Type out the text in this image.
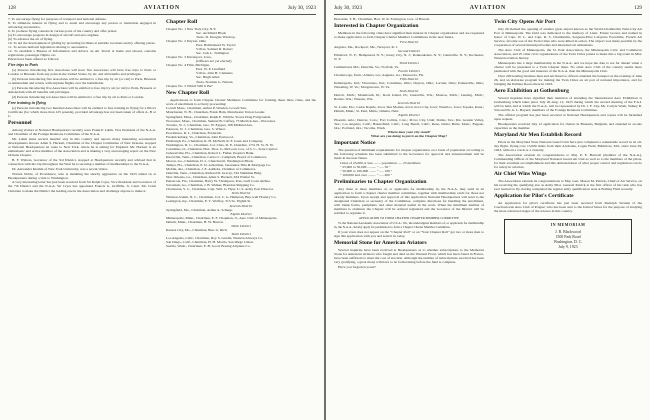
128	AVIATION	July 30, 1923
7. To encourage flying for purposes of transport and national defense.
8. To stimulate interest in flying and to assist and encourage any person or institution engaged in advancing aeronautics.
9. To promote flying contests in various parts of the country and offer prizes:
(a) To encourage progress in design of aircraft and aero engines.
(b) To advance the art of flying.
10. To aid the development of gliding by providing facilities at suitable locations and by offering prizes.
11. To secure uniform legislation relating to aeronautics.
12. To establish a Bureau of Information and Advice on Air Travel at home and abroad, customs regulations, passenger flights, etc.

Prizes have been offered as follows:

Five trips to Paris

(a) Persons introducing five Associates will have five Associates will have free trips to Paris or London or Brussels from any point in the United States, by air, and all benefits and privileges.

(b) Persons introducing five Associates will be entitled to a free trip by air (or rail) to Paris, Brussels or Amsterdam and return, with airplane flights over the battlefields.

(c) Persons introducing five Associates will be entitled to free trip by air (or rail) to Paris, Brussels or Amsterdam with all benefits and privileges.

(d) Persons introducing ten Associates will be entitled to a free trip by air to Paris or London.

Free training in flying

(e) Persons introducing two hundred Associates will be entitled to free training in flying for a Pilot's Certificate (for which more than 125 pounds), provided advantage has not been taken of offers A, B or C.

Personnel

Among visitors at National Headquarters recently were Frank P. Lahm, Vice President of the N.A.A. and Chairman of the Foreign Relations Committee of the N.A.A.

Mr. Lahm plans several months' stay in this country and reports many interesting aeronautical developments abroad. Allen S. Hackett, Chairman of the Chapter Committee of New Orleans, stopped at National Headquarters en route to New York, where he is sailing for England. Mr. Hackett is an enthusiastic and active member of the Association and is making a very encouraging report on the New Orleans Chapter.

B. F. Walters, Governor of the 3rd District, stopped at Headquarters recently and advised that in connection with his trip throughout the West he is securing a number of memberships to the N.A.A.

Dr. Alexander Klemin of New York University, was a recent visitor.

Warren Noble, of Providence, who is installing the shortly aggressive on the 1923 added on at Headquarters during a visit to Washington.

A very interesting letter has just been received from Sir Ralph Cryer, Vice President and Governor of the 7th District and the N.A.A. Sir Cryer has appointed Francis G. Griffiths, Jr. Lieut. Mr. Cram Christian to make the District the leading one in the Association and challenge anyone to make it.

Chapter Roll
Chapter No. 1 New York City, N.Y.
Sec. Archibald Black
Treas. D. Douglas Wardrop.
Chapter No. 2 Dayton, Ohio
Pres. Hollinshead W. Taylor
V-Pres. Samuel R. Robert
Sec. Jack L. Tullington
Chapter No. 3 Davenport, Iowa,
(Officers not yet elected)
Chapter No. 4 Flint, Michigan,
Pres. W. P. Lindfield
V-Pres. John H. Clements
Sec. Hugh Allen
Treas. Norman G. Nelson.
Chapter No. 5 Which Will It Be?
New Chapter Roll

Applications to form Chapter Charter Members Committee for forming these three cities, and the work of enrollment is actively proceeding:

Lowell Mass., Chairman, Arthur P. Weeden, Lowell Sun.
Manchester, N. H., Chairman, Frank Ham, Manchester Union Leader.
Springfield, Mass., Chairman, Ralph E. Whittle, Stores Drug Fairgrounds.
Worcester, Mass., Chairman, Samuel B. Caffrey, 73 Merrick Ave., Worcester.
Toronto, N. J., Chairman, Geo. W. Eypper, 168 Midland Ave.
Paterson, N. J., Chairman, Geo. S. Wheat.
Providence, R. I., Chairman, Frederick.
Fredericksburg, Va., Chairman, John Eastwood.
Pittsburgh, Pa., Chairman, R. H. McNeill, R. F. Jones and Company.
Washington, D. C., Chairman, Col. Chas. D. E. Chandler, 1751 H. St. N. W.
Columbus, O., Chairman, Hon. Thos. G. McLeod, Gov. of S. C., State Capitol.
Jacksonville, Fla., Chairman, Robert L. Fisher, People's Bank.
Knoxville, Tenn., Chairman, Carlos C. Campbell, Board of Commerce.
Macon, Ga., Chairman, D. L. Churchwell, Washington Block.
Tampa, Fla., Chairman, E. D. Ackerman, Guarantee Title & Mortgage Co.
Mobile, Ala., Chairman, J. E. Addicks, Chamber of Commerce.
Oakville, Tenn., Chairman, Richard D. Gracey, 534 Stahlman Bldg.
New Orleans, La., Chairman, Allen S. Hackett, 634 Walnut St.
Pensacola, Fla., Chairman, Harry W. Thompson, Pres. Gulf Coast Airline.
Savannah, Ga., Chairman, J. B. Walker, Brandon Shipping Co.
Charleston, S. C., Chairman, Capt. Wm. G. Hyer, U. S. Army Post Director.
Sixth District
Winston-Salem, N. C., Chairman, Col. C. G. Hampton, Buy-well Hosiery Co.
Lexington, Ky., Chairman, E. T. Wolfley, 315 So. Eighth St.
Seventh District
Springfield, Mo., Chairman, Arthur A. Schupp.
Eighth District
Minneapolis, Minn., Chairman, E. F. Chapman, Jr., Aero Club of Minneapolis.
Duluth, Minn., Chairman, H. W. Burton.
Ninth District
Kansas City, Mo., Chairman, Ben. G. Rich.
Tenth District
Los Angeles, Calif., Chairman, Roy S. Grudia, Western Airways Co.
San Diego, Calif., Chairman, H. H. Morris, San Diego Union.
Seattle, Wash., Chairman, E. B. Good, Boeing Airplane Co.
July 30, 1923	AVIATION	129

Honolulu, T. H., Chairman, Hon. W. R. Farrington, Gov. of Hawaii.

Interested in Chapter Organization

Members in the following cities have signified their interest in Chapter organization and are requested to make application to form Chapter Charter Member Committees in the near future.

First District

Augusta, Me., Rockport, Me., Newport, R. I.
Second District
Elmsford, N. Y.; Hempstead, N. Y.; Jersey City, N. J.; Ronkonkoma, N. Y.; Glensville, N. Y.; Rochester, N. Y.
Third District
Cumberland, Md.; Danville, Va.; Norfolk, Va.
Fourth District
Chattanooga, Tenn.; Atlanta, Ga.; Augusta, Ga.; Pensacola, Fla.
Fifth District
Indianapolis, Ind.; Vincennes, Ind.; Columbus, Ohio; Dayton, Ohio; Lorrain, Ohio; Painesville, Ohio; Wheeling, W. Va.; Morgantown, W. Va.
Sixth District
Detroit, Mich.; Monmouth, Ill.; Rock Island, Ill.; Janesville, Wis.; Monroe, Mich.; Lansing, Mich.; Racine, Wis.; Wausau, Wis.
Seventh District
St. Louis, Mo.; Cedar Rapids, Iowa; Des Moines, Iowa; Iowa City, Iowa; Waterloo, Iowa; Topeka, Kans.; Duluth, Minn.; St. Paul, Minn.; Omaha, Nebr.
Eighth District
Phoenix, Ariz.; Denver, Colo.; Fort Collins, Colo.; Provo City, Utah; Dallas, Tex.; Rio Grande Valley, Tex.; Los Angeles, Calif.; Bakersfield, Calif.; Long Beach, Calif.; Reno, Idaho; Butte, Mont.; Eugene, Ore.; Portland, Ore.; Tacoma, Wash.
Where does your city stand?
What are you doing to put it on the Chapter Map?
Important Notice

The question of minimum requirements for chapter organization on a basis of population according to the following schedule has been submitted to the Governors for approval and announcement will be made in the near future.

Cities of 25,000 or less ........ population ..... 25 members
" 25,000 to 50,000 .......... " ..... 50 "
" 50,000 to 100,000 ........ " ..... 100 "
" 100,000 and over ......... " ..... 200 "
Preliminaries to Chapter Organization

Any three or more members of, or applicants for membership in, the N.A.A. may send in an application to form a chapter charter member committee, together with membership cards for those not already members. Upon receipt and approval of this application National Headquarters will send to the designated Chairman or secretary of the Committee, complete directions for handling the enrollment, with blank forms, pamphlets, and other material useful in the work. When the minimum number of members is obtained, the Chapter will be ordered registered and the Governor of the District will be notified to organize it.

APPLICATION TO FORM CHAPTER CHARTER MEMBER COMMITTEE

To the National Aeronautic Association of U.S.A.: We, the undersigned members of, or applicants for membership in, the N.A.A., hereby apply for permission to form a Chapter Charter Member Committee.

If your town does not appear on the "Chapter Roll" or on "Your Chapter Roll" get two or more men to sign this application with you and send it in today.

Memorial Stone for American Aviators

Several inquiries have been received at Headquarters as to whether subscriptions to the Memorial Stone for American Aviators who fought and died on the Western Front, which has been found in France, have been sufficient to meet the cost of erection. Although the number of subscriptions received has been very gratifying, a great many will have to be forthcoming before the fund is complete.

Have you forgotten yours?

Twin City Opens Air Port

July 29 marked the opening of another great airport known as the World-Chamberlin Twin-City Air Port at Minneapolis. The field was dedicated to the memory of Lieut. Ernest Groves and named in honor of Capt. W. L. and Capt. R. S. Chamberlin, Sergeant-Pilot Lafayette Escadrille, French Air Service, favorite son of the Twin Cities who were killed in action. The airport was made possible by the cooperation of several municipal bodies and interested air enthusiasts.

The Aero Club of Minneapolis, the St. Paul Association, the Minneapolis Civic and Commerce Association, and 25 other civic organizations of the Twin Cities joined to make this a big event in Mid-Western aviation history.

Minneapolis has a large membership in the N.A.A. and we hope the date is not far distant when a charter will be presented to a Twin Chapter there. No other Aero Club of the country seems more permeated with the good and interests of the N.A.A. than the Minneapolis Club.

Over 200 leading business men and Air Reserve officers attended the banquet on the evening of June 26, and an elaborate program for making the Twin Cities an air port of national importance, and for bringing the Pulitzer Races there in 1923.

Aero Exhibition at Gothenburg

Several inquiries have signified their intention of attending the International Aero Exhibition at Gothenburg which takes place July 20-Aug. 12, 1923 during which the second meeting of the F.A.I. will be held, and at which the N.A.A. will be represented by Dr. J. F. Joly, Mr. Carlyle Wash, Sidney R. Van and Dr. A. L. Hayard, members of the Foreign Relations Committee.

The official program has just been received at National Headquarters and copies will be furnished upon request.

Headquarters received July 12 application for charter in Brussels, Belgium, and attended in on-site capacities as the member.

Maryland Air Men Establish Record

Pilots in the Maryland State National Guard Unit have just completed a remarkable record in an all-day flight, flying over 15,000 miles from their Airdrome, Logan Field, Baltimore, Md., since June 29, 1923, without a crack or a casualty.

The Association extends its congratulations to Maj. P. E. Burwell (member of the N.A.A.), Commanding Officer of the Maryland National Guard Air Unit as well as to the members of the pilots, for their excellent accomplishment and this demonstration of what proper control and regulation can do for safety in aviation.

Air Chief Wins Wings

The Association extends its congratulations to Maj. Gen. Mason M. Patrick, Chief of Air Service, on his receiving his qualifying star as Army Pilot. General Patrick is the first officer of his rank who has ever learned to fly, having completed the regular army qualification tests at Bolling Field recently.

Application for Pilot's Certificate

An application for pilot's certificate has just been received from Rudolph Stranak of the Czechoslovak Aero Club of Prague; who has been sent to the United States for the purpose of studying the more advanced stages of the science in this country.

IN MEMORIAM
J. B. Blackwood
1500 Park Road
Washington, D. C.
July 9, 1923
